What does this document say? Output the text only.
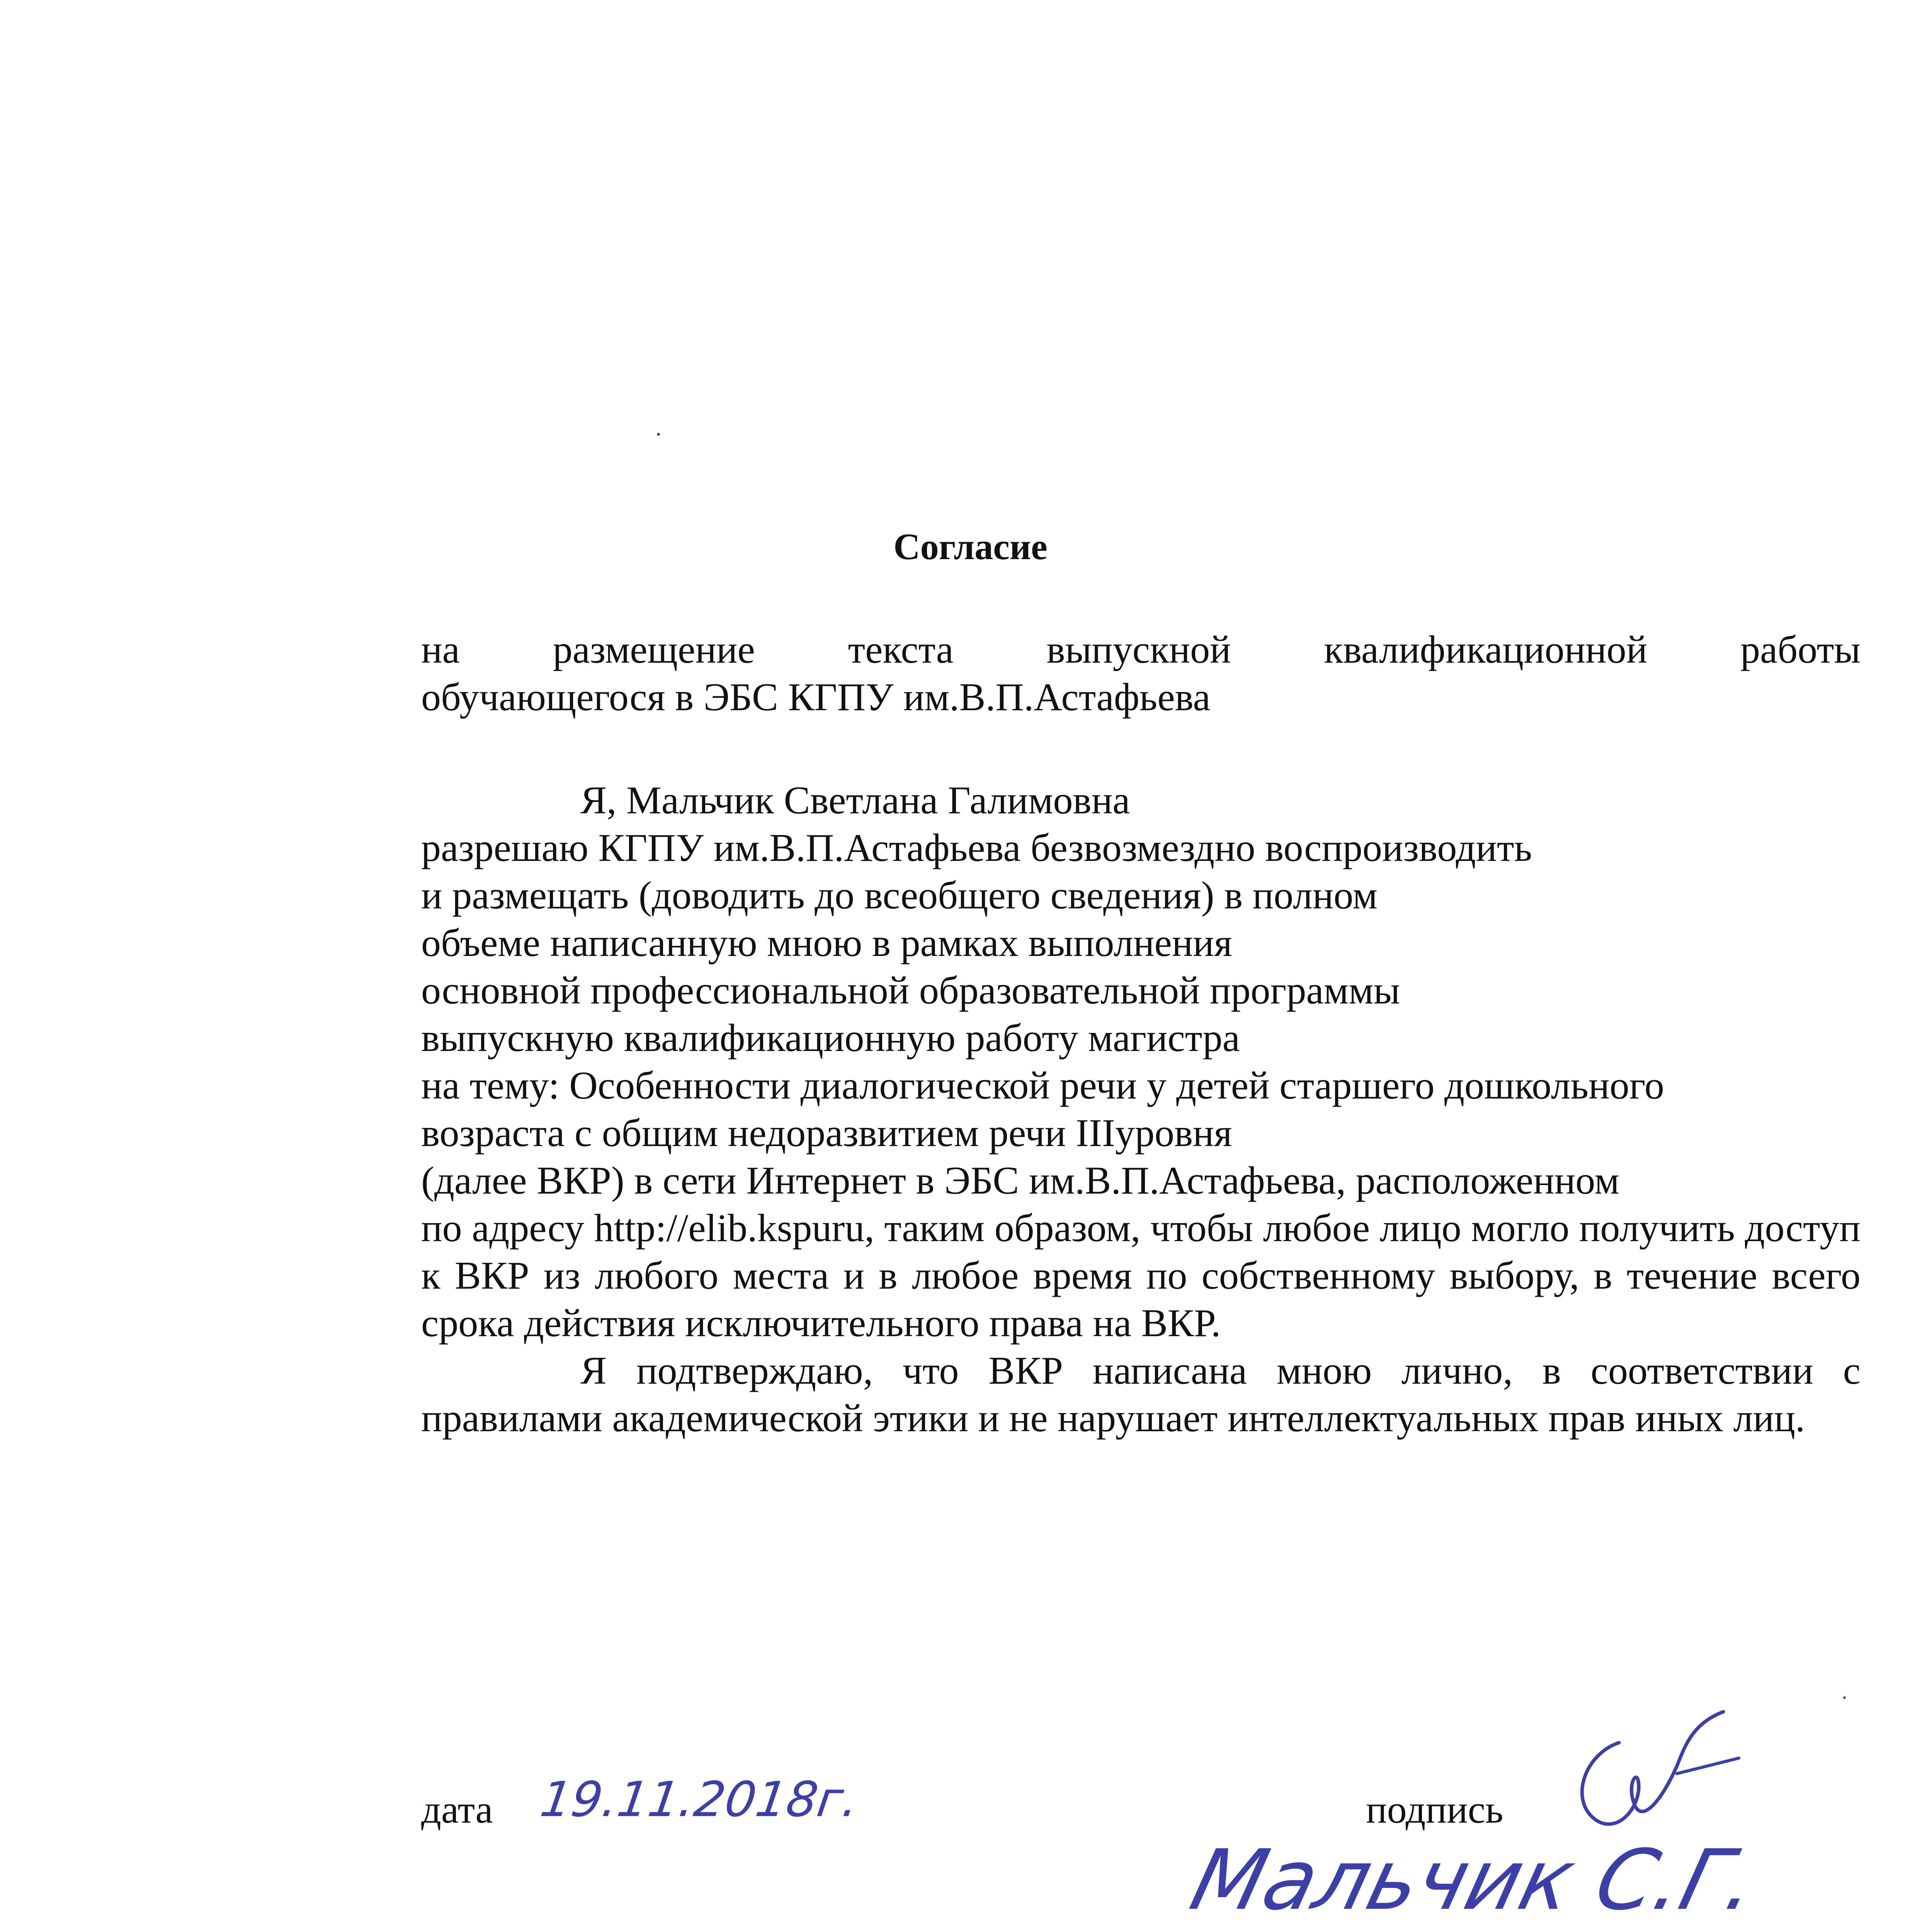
Согласие
на размещение текста выпускной квалификационной работы
обучающегося в ЭБС КГПУ им.В.П.Астафьева
Я, Мальчик Светлана Галимовна
разрешаю КГПУ им.В.П.Астафьева безвозмездно воспроизводить
и размещать (доводить до всеобщего сведения) в полном
объеме написанную мною в рамках выполнения
основной профессиональной образовательной программы
выпускную квалификационную работу магистра
на тему: Особенности диалогической речи у детей старшего дошкольного
возраста с общим недоразвитием речи IIIуровня
(далее ВКР) в сети Интернет в ЭБС им.В.П.Астафьева, расположенном
по адресу http://elib.kspuru, таким образом, чтобы любое лицо могло получить доступ к ВКР из любого места и в любое время по собственному выбору, в течение всего срока действия исключительного права на ВКР.
Я подтверждаю, что ВКР написана мною лично, в соответствии с правилами академической этики и не нарушает интеллектуальных прав иных лиц.
дата 19.11.2018г.	подпись
Мальчик С.Г.
